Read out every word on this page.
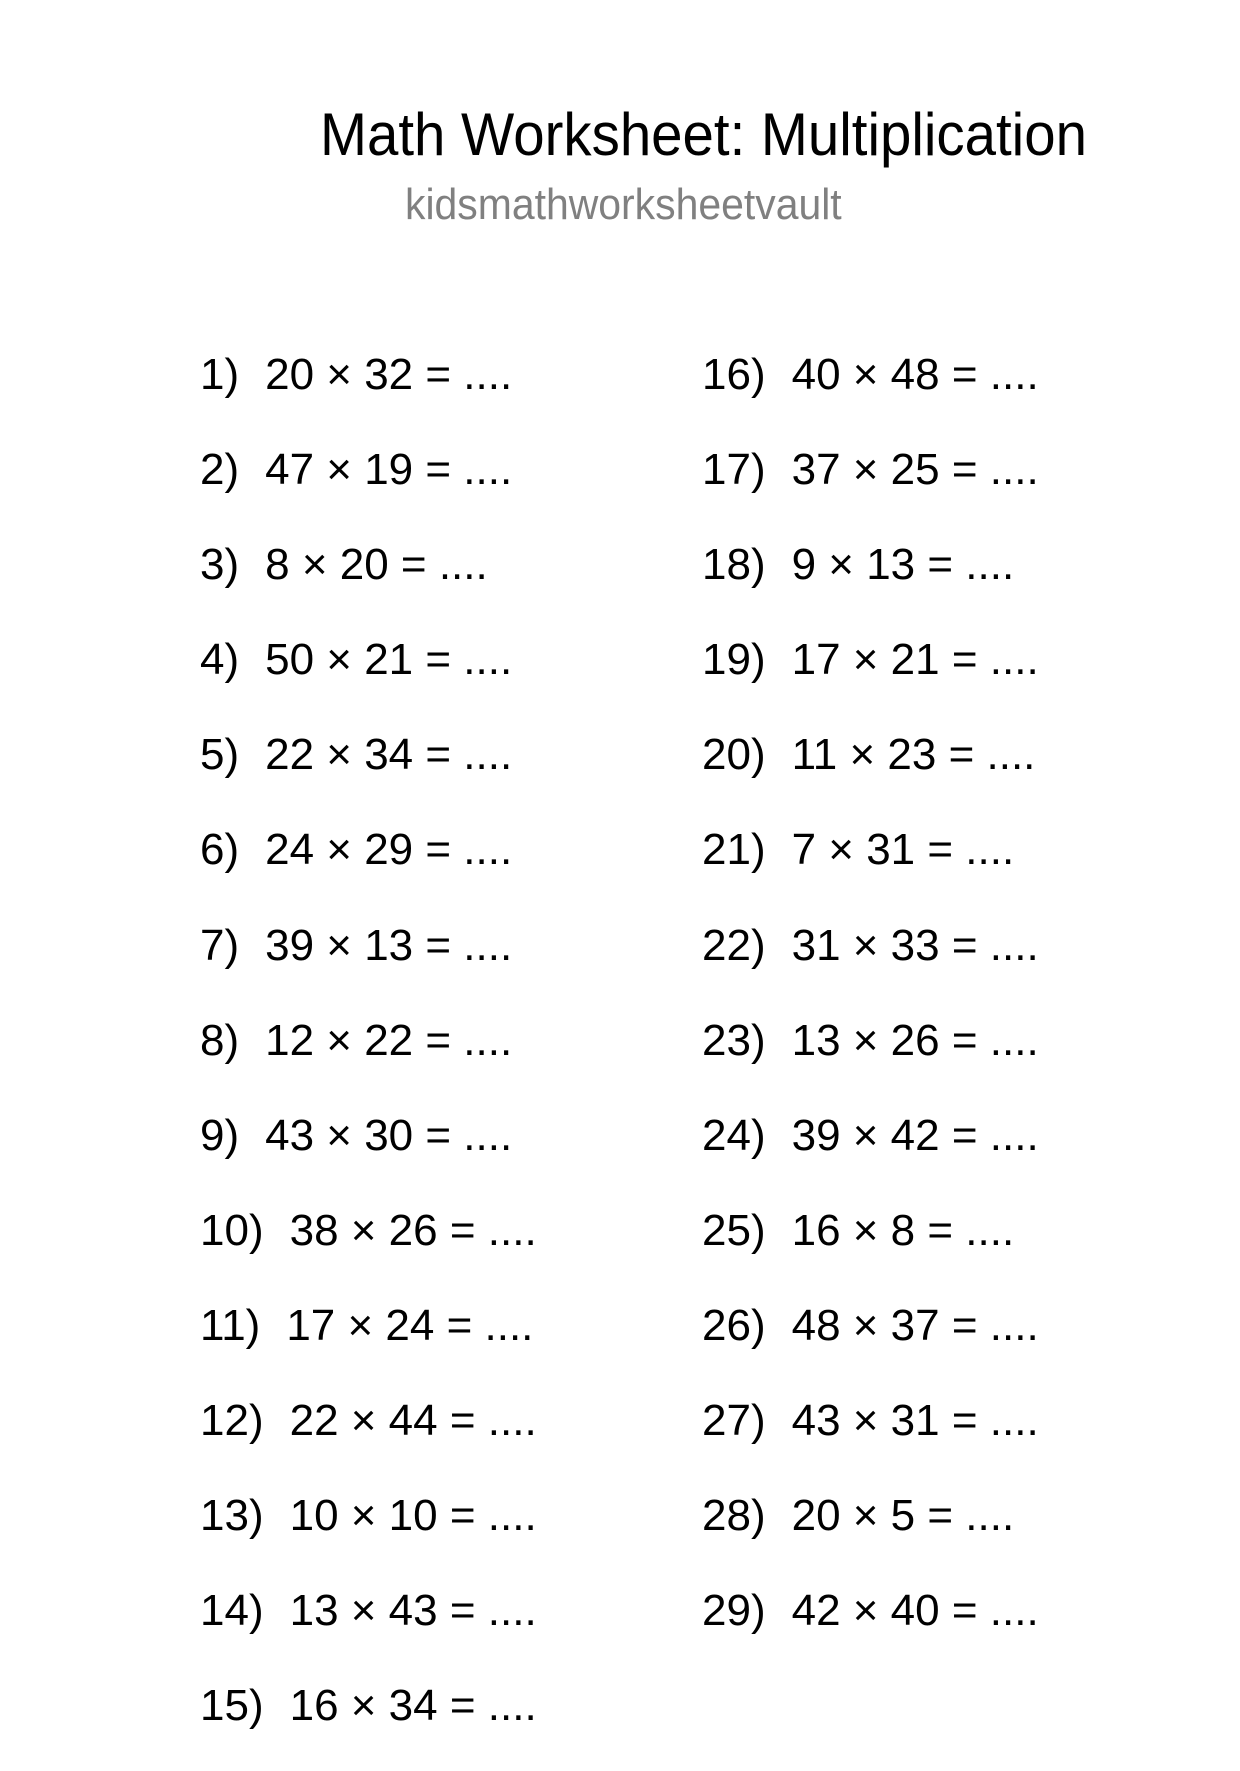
Math Worksheet: Multiplication
kidsmathworksheetvault
1) 20 × 32 = ....
2) 47 × 19 = ....
3) 8 × 20 = ....
4) 50 × 21 = ....
5) 22 × 34 = ....
6) 24 × 29 = ....
7) 39 × 13 = ....
8) 12 × 22 = ....
9) 43 × 30 = ....
10) 38 × 26 = ....
11) 17 × 24 = ....
12) 22 × 44 = ....
13) 10 × 10 = ....
14) 13 × 43 = ....
15) 16 × 34 = ....
16) 40 × 48 = ....
17) 37 × 25 = ....
18) 9 × 13 = ....
19) 17 × 21 = ....
20) 11 × 23 = ....
21) 7 × 31 = ....
22) 31 × 33 = ....
23) 13 × 26 = ....
24) 39 × 42 = ....
25) 16 × 8 = ....
26) 48 × 37 = ....
27) 43 × 31 = ....
28) 20 × 5 = ....
29) 42 × 40 = ....
